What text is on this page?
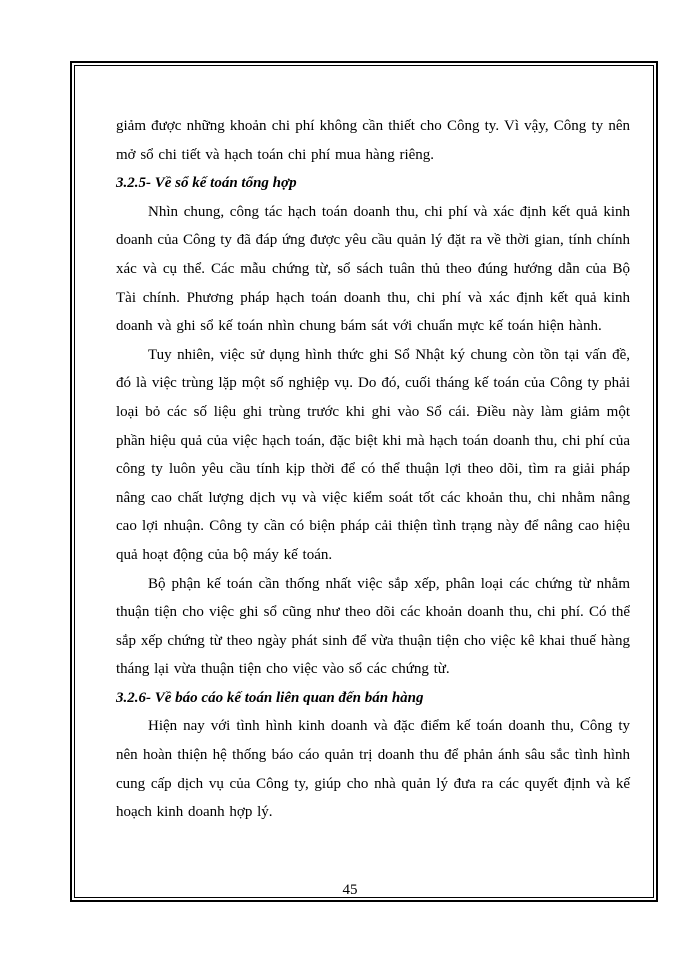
giảm được những khoản chi phí không cần thiết cho Công ty. Vì vậy, Công ty nên mở sổ chi tiết và hạch toán chi phí mua hàng riêng.

3.2.5- Về sổ kế toán tổng hợp

Nhìn chung, công tác hạch toán doanh thu, chi phí và xác định kết quả kinh doanh của Công ty đã đáp ứng được yêu cầu quản lý đặt ra về thời gian, tính chính xác và cụ thể. Các mẫu chứng từ, sổ sách tuân thủ theo đúng hướng dẫn của Bộ Tài chính. Phương pháp hạch toán doanh thu, chi phí và xác định kết quả kinh doanh và ghi sổ kế toán nhìn chung bám sát với chuẩn mực kế toán hiện hành.

Tuy nhiên, việc sử dụng hình thức ghi Sổ Nhật ký chung còn tồn tại vấn đề, đó là việc trùng lặp một số nghiệp vụ. Do đó, cuối tháng kế toán của Công ty phải loại bỏ các số liệu ghi trùng trước khi ghi vào Sổ cái. Điều này làm giảm một phần hiệu quả của việc hạch toán, đặc biệt khi mà hạch toán doanh thu, chi phí của công ty luôn yêu cầu tính kịp thời để có thể thuận lợi theo dõi, tìm ra giải pháp nâng cao chất lượng dịch vụ và việc kiểm soát tốt các khoản thu, chi nhằm nâng cao lợi nhuận. Công ty cần có biện pháp cải thiện tình trạng này để nâng cao hiệu quả hoạt động của bộ máy kế toán.

Bộ phận kế toán cần thống nhất việc sắp xếp, phân loại các chứng từ nhằm thuận tiện cho việc ghi sổ cũng như theo dõi các khoản doanh thu, chi phí. Có thể sắp xếp chứng từ theo ngày phát sinh để vừa thuận tiện cho việc kê khai thuế hàng tháng lại vừa thuận tiện cho việc vào sổ các chứng từ.

3.2.6- Về báo cáo kế toán liên quan đến bán hàng

Hiện nay với tình hình kinh doanh và đặc điểm kế toán doanh thu, Công ty nên hoàn thiện hệ thống báo cáo quản trị doanh thu để phản ánh sâu sắc tình hình cung cấp dịch vụ của Công ty, giúp cho nhà quản lý đưa ra các quyết định và kế hoạch kinh doanh hợp lý.

45
